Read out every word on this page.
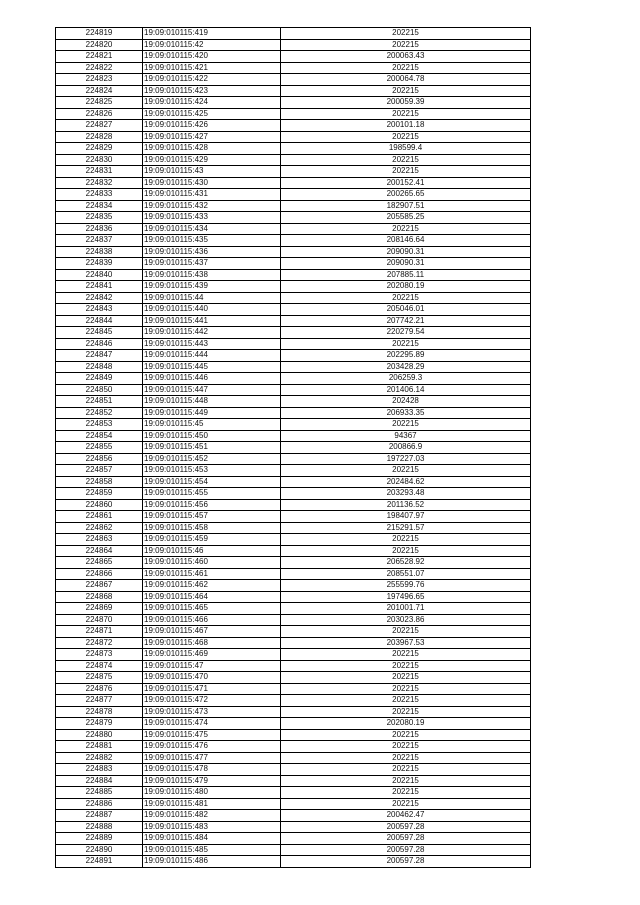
224819	19:09:010115:419	202215
224820	19:09:010115:42	202215
224821	19:09:010115:420	200063.43
224822	19:09:010115:421	202215
224823	19:09:010115:422	200064.78
224824	19:09:010115:423	202215
224825	19:09:010115:424	200059.39
224826	19:09:010115:425	202215
224827	19:09:010115:426	200101.18
224828	19:09:010115:427	202215
224829	19:09:010115:428	198599.4
224830	19:09:010115:429	202215
224831	19:09:010115:43	202215
224832	19:09:010115:430	200152.41
224833	19:09:010115:431	200265.65
224834	19:09:010115:432	182907.51
224835	19:09:010115:433	205585.25
224836	19:09:010115:434	202215
224837	19:09:010115:435	208146.64
224838	19:09:010115:436	209090.31
224839	19:09:010115:437	209090.31
224840	19:09:010115:438	207885.11
224841	19:09:010115:439	202080.19
224842	19:09:010115:44	202215
224843	19:09:010115:440	205046.01
224844	19:09:010115:441	207742.21
224845	19:09:010115:442	220279.54
224846	19:09:010115:443	202215
224847	19:09:010115:444	202295.89
224848	19:09:010115:445	203428.29
224849	19:09:010115:446	206259.3
224850	19:09:010115:447	201406.14
224851	19:09:010115:448	202428
224852	19:09:010115:449	206933.35
224853	19:09:010115:45	202215
224854	19:09:010115:450	94367
224855	19:09:010115:451	200866.9
224856	19:09:010115:452	197227.03
224857	19:09:010115:453	202215
224858	19:09:010115:454	202484.62
224859	19:09:010115:455	203293.48
224860	19:09:010115:456	201136.52
224861	19:09:010115:457	198407.97
224862	19:09:010115:458	215291.57
224863	19:09:010115:459	202215
224864	19:09:010115:46	202215
224865	19:09:010115:460	206528.92
224866	19:09:010115:461	208551.07
224867	19:09:010115:462	255599.76
224868	19:09:010115:464	197496.65
224869	19:09:010115:465	201001.71
224870	19:09:010115:466	203023.86
224871	19:09:010115:467	202215
224872	19:09:010115:468	203967.53
224873	19:09:010115:469	202215
224874	19:09:010115:47	202215
224875	19:09:010115:470	202215
224876	19:09:010115:471	202215
224877	19:09:010115:472	202215
224878	19:09:010115:473	202215
224879	19:09:010115:474	202080.19
224880	19:09:010115:475	202215
224881	19:09:010115:476	202215
224882	19:09:010115:477	202215
224883	19:09:010115:478	202215
224884	19:09:010115:479	202215
224885	19:09:010115:480	202215
224886	19:09:010115:481	202215
224887	19:09:010115:482	200462.47
224888	19:09:010115:483	200597.28
224889	19:09:010115:484	200597.28
224890	19:09:010115:485	200597.28
224891	19:09:010115:486	200597.28
